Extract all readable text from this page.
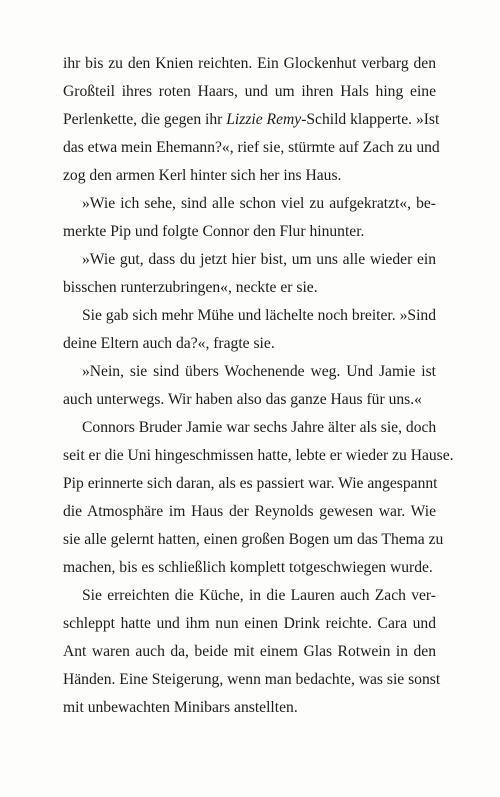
ihr bis zu den Knien reichten. Ein Glockenhut verbarg den
Großteil ihres roten Haars, und um ihren Hals hing eine
Perlenkette, die gegen ihr Lizzie Remy-Schild klapperte. »Ist
das etwa mein Ehemann?«, rief sie, stürmte auf Zach zu und
zog den armen Kerl hinter sich her ins Haus.
»Wie ich sehe, sind alle schon viel zu aufgekratzt«, be-
merkte Pip und folgte Connor den Flur hinunter.
»Wie gut, dass du jetzt hier bist, um uns alle wieder ein
bisschen runterzubringen«, neckte er sie.
Sie gab sich mehr Mühe und lächelte noch breiter. »Sind
deine Eltern auch da?«, fragte sie.
»Nein, sie sind übers Wochenende weg. Und Jamie ist
auch unterwegs. Wir haben also das ganze Haus für uns.«
Connors Bruder Jamie war sechs Jahre älter als sie, doch
seit er die Uni hingeschmissen hatte, lebte er wieder zu Hause.
Pip erinnerte sich daran, als es passiert war. Wie angespannt
die Atmosphäre im Haus der Reynolds gewesen war. Wie
sie alle gelernt hatten, einen großen Bogen um das Thema zu
machen, bis es schließlich komplett totgeschwiegen wurde.
Sie erreichten die Küche, in die Lauren auch Zach ver-
schleppt hatte und ihm nun einen Drink reichte. Cara und
Ant waren auch da, beide mit einem Glas Rotwein in den
Händen. Eine Steigerung, wenn man bedachte, was sie sonst
mit unbewachten Minibars anstellten.
